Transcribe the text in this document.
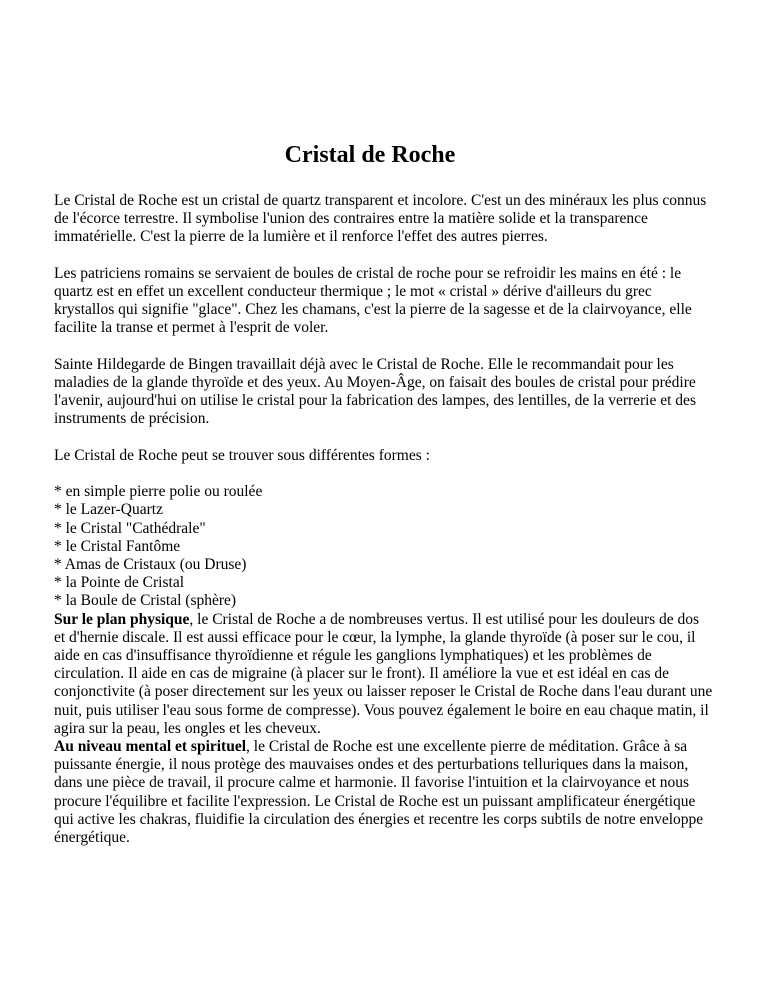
Cristal de Roche

Le Cristal de Roche est un cristal de quartz transparent et incolore. C'est un des minéraux les plus connus de l'écorce terrestre. Il symbolise l'union des contraires entre la matière solide et la transparence immatérielle. C'est la pierre de la lumière et il renforce l'effet des autres pierres.

Les patriciens romains se servaient de boules de cristal de roche pour se refroidir les mains en été : le quartz est en effet un excellent conducteur thermique ; le mot « cristal » dérive d'ailleurs du grec krystallos qui signifie "glace". Chez les chamans, c'est la pierre de la sagesse et de la clairvoyance, elle facilite la transe et permet à l'esprit de voler.

Sainte Hildegarde de Bingen travaillait déjà avec le Cristal de Roche. Elle le recommandait pour les maladies de la glande thyroïde et des yeux. Au Moyen-Âge, on faisait des boules de cristal pour prédire l'avenir, aujourd'hui on utilise le cristal pour la fabrication des lampes, des lentilles, de la verrerie et des instruments de précision.

Le Cristal de Roche peut se trouver sous différentes formes :

* en simple pierre polie ou roulée
* le Lazer-Quartz
* le Cristal "Cathédrale"
* le Cristal Fantôme
* Amas de Cristaux (ou Druse)
* la Pointe de Cristal
* la Boule de Cristal (sphère)

Sur le plan physique, le Cristal de Roche a de nombreuses vertus. Il est utilisé pour les douleurs de dos et d'hernie discale. Il est aussi efficace pour le cœur, la lymphe, la glande thyroïde (à poser sur le cou, il aide en cas d'insuffisance thyroïdienne et régule les ganglions lymphatiques) et les problèmes de circulation. Il aide en cas de migraine (à placer sur le front). Il améliore la vue et est idéal en cas de conjonctivite (à poser directement sur les yeux ou laisser reposer le Cristal de Roche dans l'eau durant une nuit, puis utiliser l'eau sous forme de compresse). Vous pouvez également le boire en eau chaque matin, il agira sur la peau, les ongles et les cheveux.

Au niveau mental et spirituel, le Cristal de Roche est une excellente pierre de méditation. Grâce à sa puissante énergie, il nous protège des mauvaises ondes et des perturbations telluriques dans la maison, dans une pièce de travail, il procure calme et harmonie. Il favorise l'intuition et la clairvoyance et nous procure l'équilibre et facilite l'expression. Le Cristal de Roche est un puissant amplificateur énergétique qui active les chakras, fluidifie la circulation des énergies et recentre les corps subtils de notre enveloppe énergétique.
